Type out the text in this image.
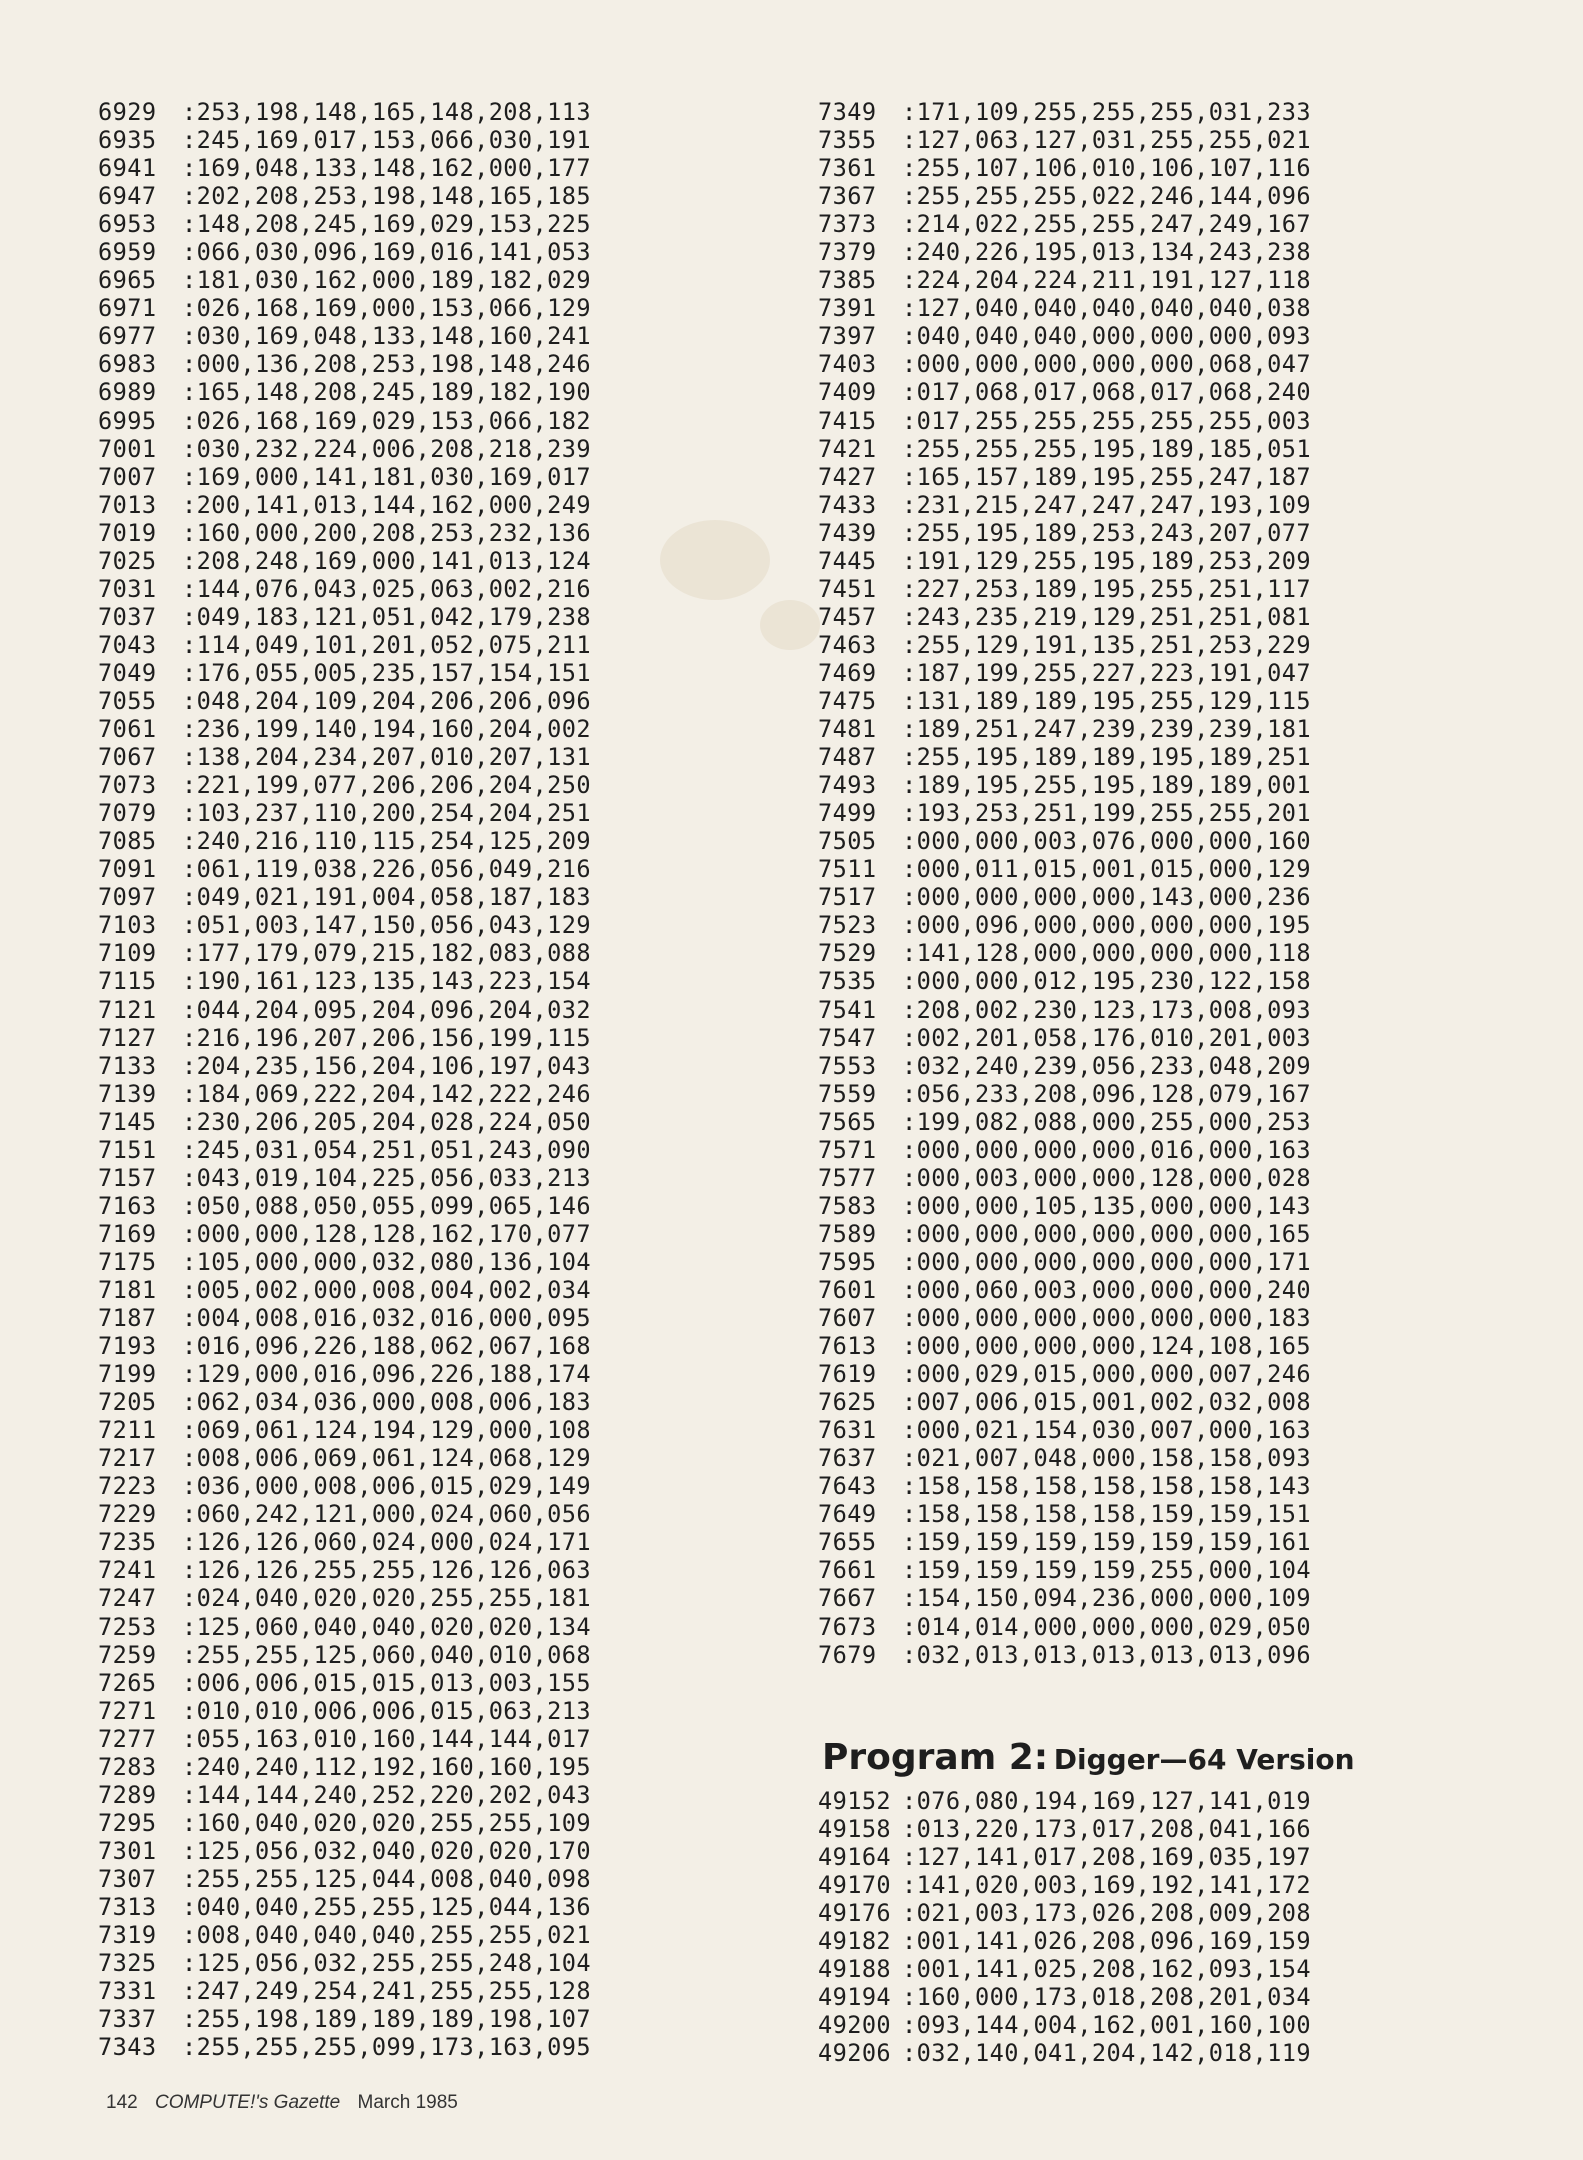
6929 :253,198,148,165,148,208,113
6935 :245,169,017,153,066,030,191
6941 :169,048,133,148,162,000,177
6947 :202,208,253,198,148,165,185
6953 :148,208,245,169,029,153,225
6959 :066,030,096,169,016,141,053
6965 :181,030,162,000,189,182,029
6971 :026,168,169,000,153,066,129
6977 :030,169,048,133,148,160,241
6983 :000,136,208,253,198,148,246
6989 :165,148,208,245,189,182,190
6995 :026,168,169,029,153,066,182
7001 :030,232,224,006,208,218,239
7007 :169,000,141,181,030,169,017
7013 :200,141,013,144,162,000,249
7019 :160,000,200,208,253,232,136
7025 :208,248,169,000,141,013,124
7031 :144,076,043,025,063,002,216
7037 :049,183,121,051,042,179,238
7043 :114,049,101,201,052,075,211
7049 :176,055,005,235,157,154,151
7055 :048,204,109,204,206,206,096
7061 :236,199,140,194,160,204,002
7067 :138,204,234,207,010,207,131
7073 :221,199,077,206,206,204,250
7079 :103,237,110,200,254,204,251
7085 :240,216,110,115,254,125,209
7091 :061,119,038,226,056,049,216
7097 :049,021,191,004,058,187,183
7103 :051,003,147,150,056,043,129
7109 :177,179,079,215,182,083,088
7115 :190,161,123,135,143,223,154
7121 :044,204,095,204,096,204,032
7127 :216,196,207,206,156,199,115
7133 :204,235,156,204,106,197,043
7139 :184,069,222,204,142,222,246
7145 :230,206,205,204,028,224,050
7151 :245,031,054,251,051,243,090
7157 :043,019,104,225,056,033,213
7163 :050,088,050,055,099,065,146
7169 :000,000,128,128,162,170,077
7175 :105,000,000,032,080,136,104
7181 :005,002,000,008,004,002,034
7187 :004,008,016,032,016,000,095
7193 :016,096,226,188,062,067,168
7199 :129,000,016,096,226,188,174
7205 :062,034,036,000,008,006,183
7211 :069,061,124,194,129,000,108
7217 :008,006,069,061,124,068,129
7223 :036,000,008,006,015,029,149
7229 :060,242,121,000,024,060,056
7235 :126,126,060,024,000,024,171
7241 :126,126,255,255,126,126,063
7247 :024,040,020,020,255,255,181
7253 :125,060,040,040,020,020,134
7259 :255,255,125,060,040,010,068
7265 :006,006,015,015,013,003,155
7271 :010,010,006,006,015,063,213
7277 :055,163,010,160,144,144,017
7283 :240,240,112,192,160,160,195
7289 :144,144,240,252,220,202,043
7295 :160,040,020,020,255,255,109
7301 :125,056,032,040,020,020,170
7307 :255,255,125,044,008,040,098
7313 :040,040,255,255,125,044,136
7319 :008,040,040,040,255,255,021
7325 :125,056,032,255,255,248,104
7331 :247,249,254,241,255,255,128
7337 :255,198,189,189,189,198,107
7343 :255,255,255,099,173,163,095
7349 :171,109,255,255,255,031,233
7355 :127,063,127,031,255,255,021
7361 :255,107,106,010,106,107,116
7367 :255,255,255,022,246,144,096
7373 :214,022,255,255,247,249,167
7379 :240,226,195,013,134,243,238
7385 :224,204,224,211,191,127,118
7391 :127,040,040,040,040,040,038
7397 :040,040,040,000,000,000,093
7403 :000,000,000,000,000,068,047
7409 :017,068,017,068,017,068,240
7415 :017,255,255,255,255,255,003
7421 :255,255,255,195,189,185,051
7427 :165,157,189,195,255,247,187
7433 :231,215,247,247,247,193,109
7439 :255,195,189,253,243,207,077
7445 :191,129,255,195,189,253,209
7451 :227,253,189,195,255,251,117
7457 :243,235,219,129,251,251,081
7463 :255,129,191,135,251,253,229
7469 :187,199,255,227,223,191,047
7475 :131,189,189,195,255,129,115
7481 :189,251,247,239,239,239,181
7487 :255,195,189,189,195,189,251
7493 :189,195,255,195,189,189,001
7499 :193,253,251,199,255,255,201
7505 :000,000,003,076,000,000,160
7511 :000,011,015,001,015,000,129
7517 :000,000,000,000,143,000,236
7523 :000,096,000,000,000,000,195
7529 :141,128,000,000,000,000,118
7535 :000,000,012,195,230,122,158
7541 :208,002,230,123,173,008,093
7547 :002,201,058,176,010,201,003
7553 :032,240,239,056,233,048,209
7559 :056,233,208,096,128,079,167
7565 :199,082,088,000,255,000,253
7571 :000,000,000,000,016,000,163
7577 :000,003,000,000,128,000,028
7583 :000,000,105,135,000,000,143
7589 :000,000,000,000,000,000,165
7595 :000,000,000,000,000,000,171
7601 :000,060,003,000,000,000,240
7607 :000,000,000,000,000,000,183
7613 :000,000,000,000,124,108,165
7619 :000,029,015,000,000,007,246
7625 :007,006,015,001,002,032,008
7631 :000,021,154,030,007,000,163
7637 :021,007,048,000,158,158,093
7643 :158,158,158,158,158,158,143
7649 :158,158,158,158,159,159,151
7655 :159,159,159,159,159,159,161
7661 :159,159,159,159,255,000,104
7667 :154,150,094,236,000,000,109
7673 :014,014,000,000,000,029,050
7679 :032,013,013,013,013,013,096
Program 2: Digger—64 Version
49152 :076,080,194,169,127,141,019
49158 :013,220,173,017,208,041,166
49164 :127,141,017,208,169,035,197
49170 :141,020,003,169,192,141,172
49176 :021,003,173,026,208,009,208
49182 :001,141,026,208,096,169,159
49188 :001,141,025,208,162,093,154
49194 :160,000,173,018,208,201,034
49200 :093,144,004,162,001,160,100
49206 :032,140,041,204,142,018,119
142 COMPUTE!'s Gazette March 1985
